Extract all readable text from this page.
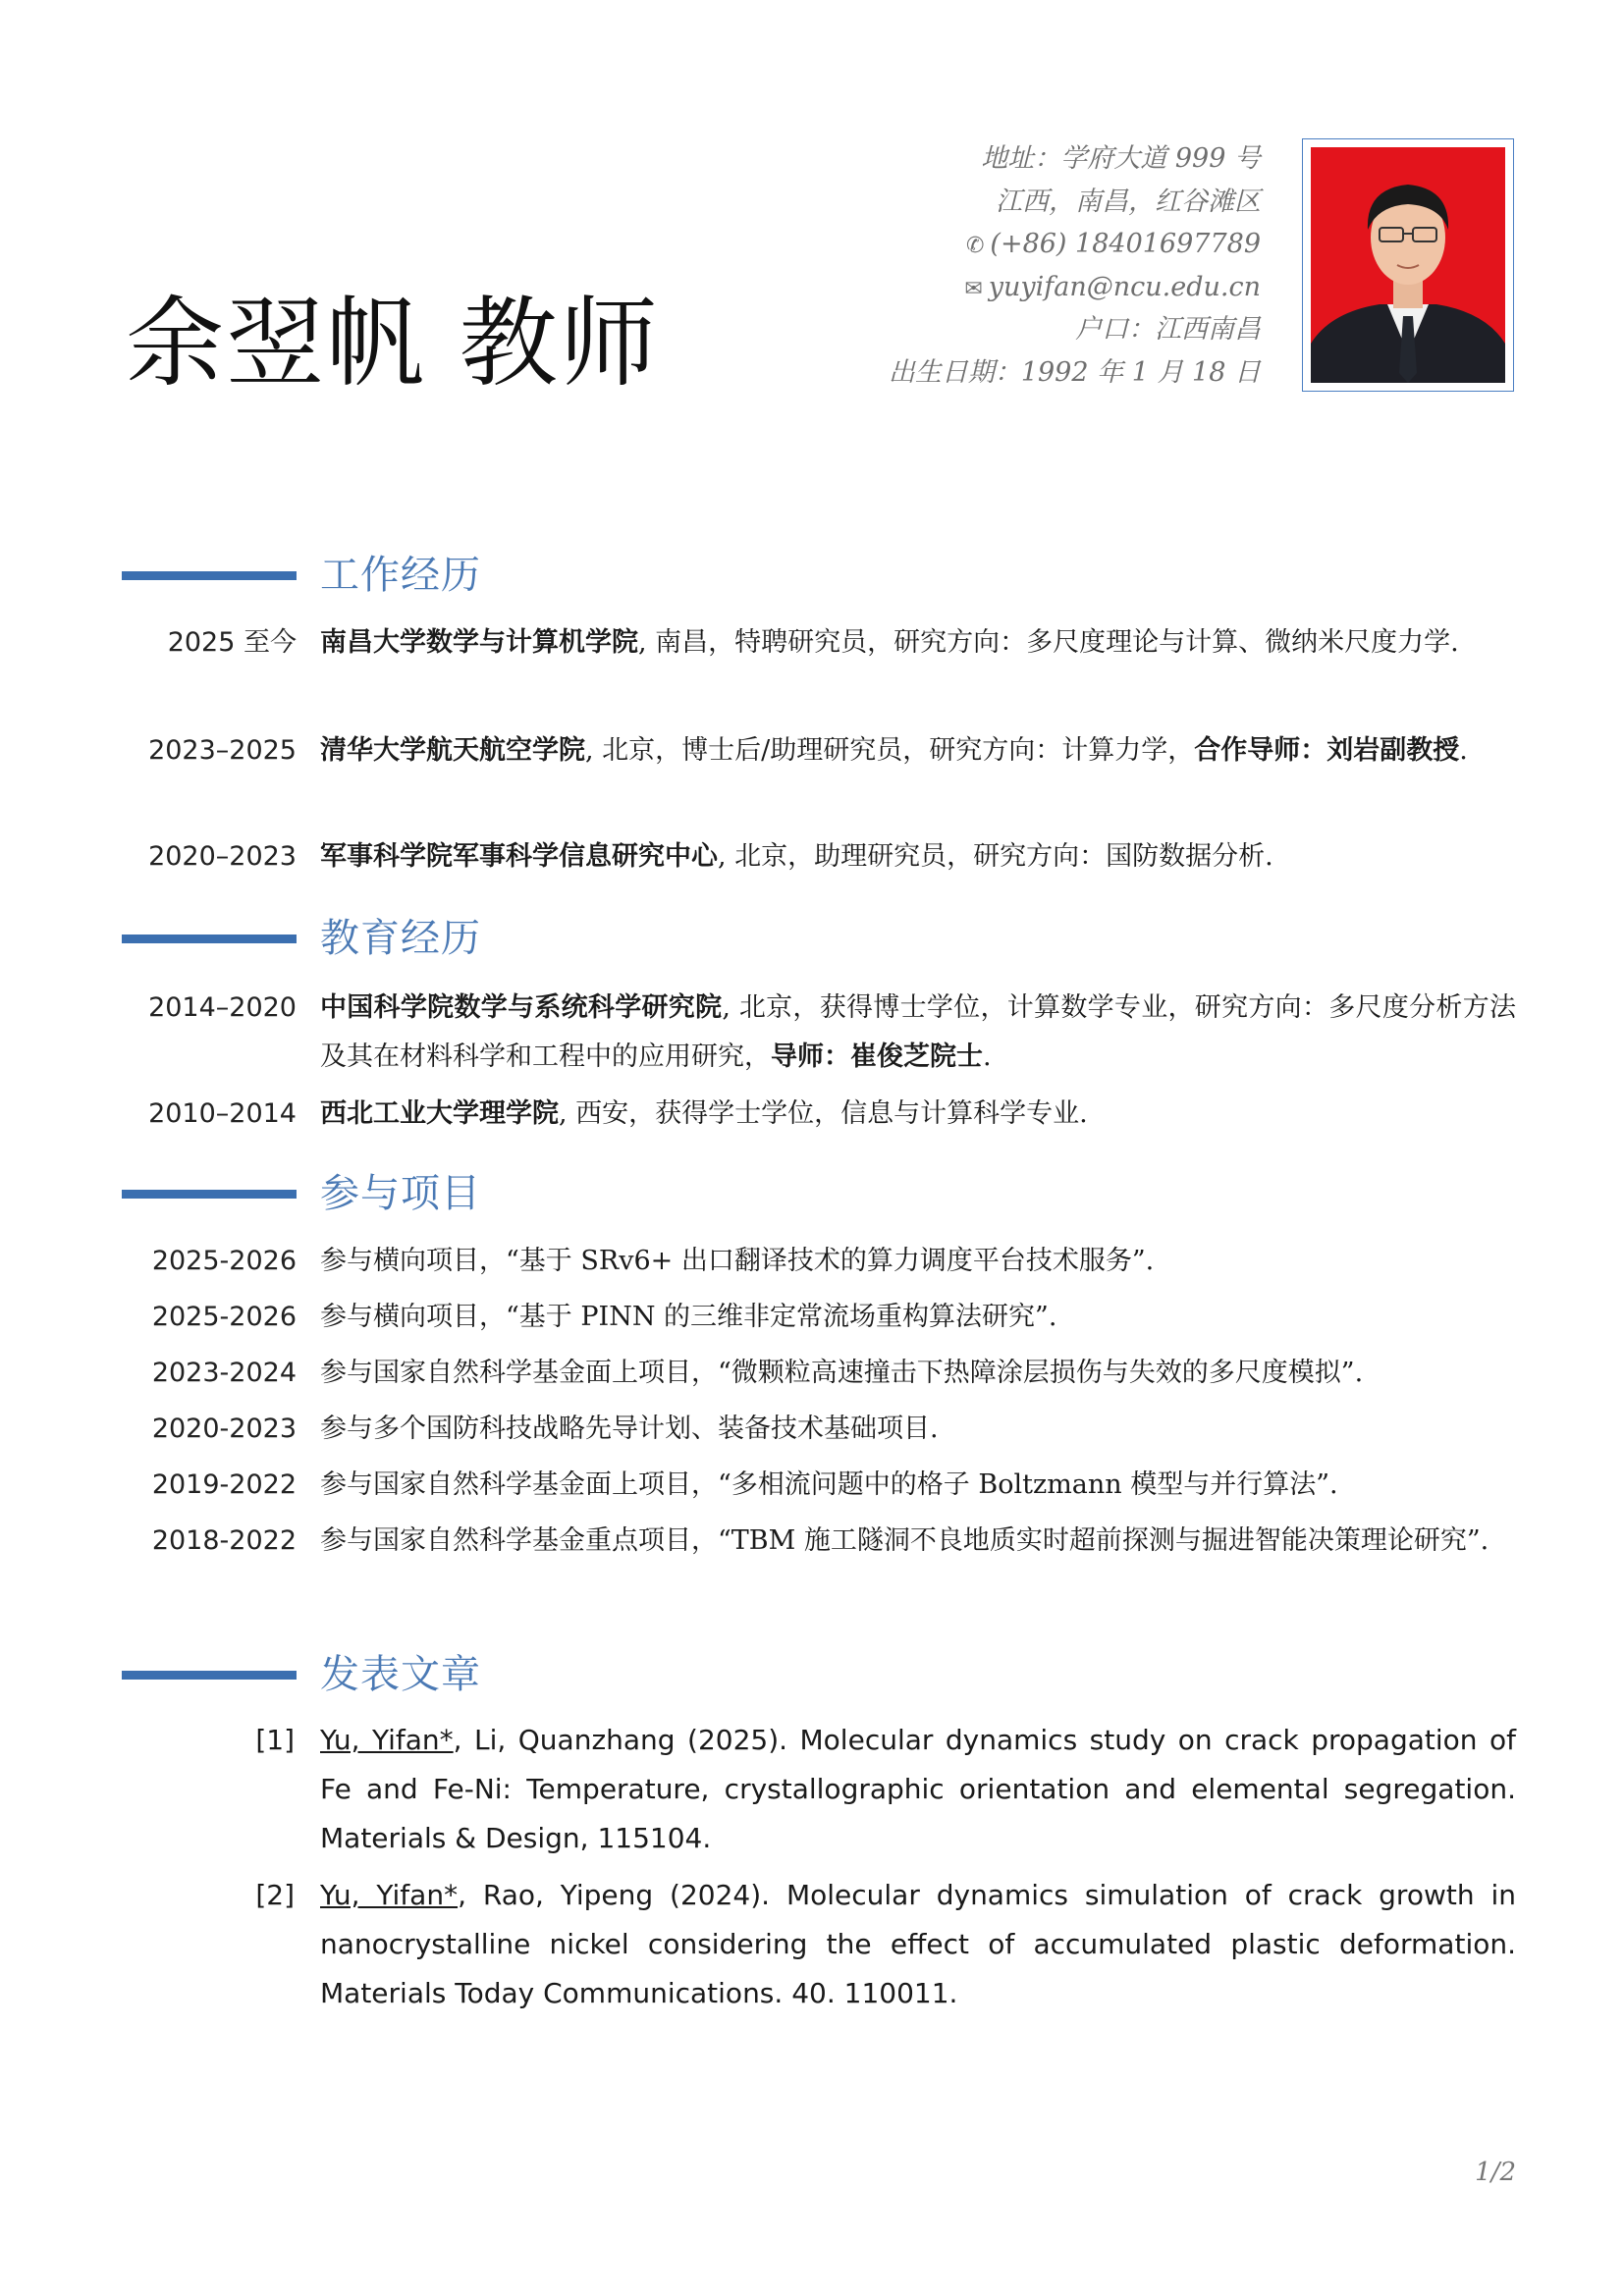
余翌帆 教师
地址：学府大道 999 号
江西，南昌，红谷滩区
✆ (+86) 18401697789
✉ yuyifan@ncu.edu.cn
户口：江西南昌
出生日期：1992 年 1 月 18 日
工作经历
2025 至今 南昌大学数学与计算机学院, 南昌，特聘研究员，研究方向：多尺度理论与计算、微纳米尺度力学.
2023–2025 清华大学航天航空学院, 北京，博士后/助理研究员，研究方向：计算力学，合作导师：刘岩副教授.
2020–2023 军事科学院军事科学信息研究中心, 北京，助理研究员，研究方向：国防数据分析.
教育经历
2014–2020 中国科学院数学与系统科学研究院, 北京，获得博士学位，计算数学专业，研究方向：多尺度分析方法及其在材料科学和工程中的应用研究，导师：崔俊芝院士.
2010–2014 西北工业大学理学院, 西安，获得学士学位，信息与计算科学专业.
参与项目
2025-2026 参与横向项目，“基于 SRv6+ 出口翻译技术的算力调度平台技术服务”.
2025-2026 参与横向项目，“基于 PINN 的三维非定常流场重构算法研究”.
2023-2024 参与国家自然科学基金面上项目，“微颗粒高速撞击下热障涂层损伤与失效的多尺度模拟”.
2020-2023 参与多个国防科技战略先导计划、装备技术基础项目.
2019-2022 参与国家自然科学基金面上项目，“多相流问题中的格子 Boltzmann 模型与并行算法”.
2018-2022 参与国家自然科学基金重点项目，“TBM 施工隧洞不良地质实时超前探测与掘进智能决策理论研究”.
发表文章
[1] Yu, Yifan*, Li, Quanzhang (2025). Molecular dynamics study on crack propagation of Fe and Fe-Ni: Temperature, crystallographic orientation and elemental segregation. Materials & Design, 115104.
[2] Yu, Yifan*, Rao, Yipeng (2024). Molecular dynamics simulation of crack growth in nanocrystalline nickel considering the effect of accumulated plastic deformation. Materials Today Communications. 40. 110011.
1/2
